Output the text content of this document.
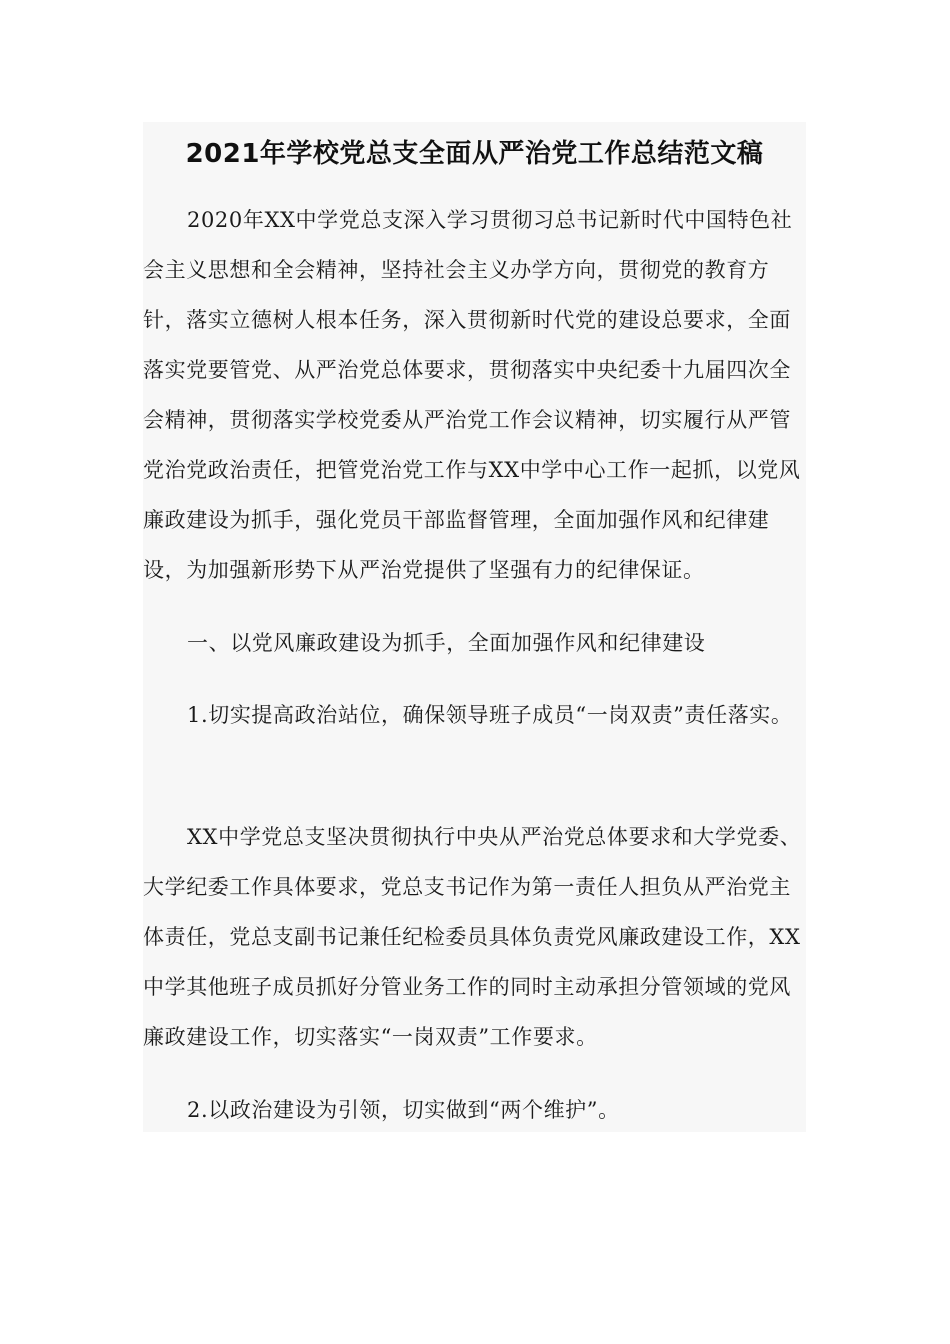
2021年学校党总支全面从严治党工作总结范文稿

2020年XX中学党总支深入学习贯彻习总书记新时代中国特色社会主义思想和全会精神，坚持社会主义办学方向，贯彻党的教育方针，落实立德树人根本任务，深入贯彻新时代党的建设总要求，全面落实党要管党、从严治党总体要求，贯彻落实中央纪委十九届四次全会精神，贯彻落实学校党委从严治党工作会议精神，切实履行从严管党治党政治责任，把管党治党工作与XX中学中心工作一起抓，以党风廉政建设为抓手，强化党员干部监督管理，全面加强作风和纪律建设，为加强新形势下从严治党提供了坚强有力的纪律保证。

一、以党风廉政建设为抓手，全面加强作风和纪律建设

1.切实提高政治站位，确保领导班子成员“一岗双责”责任落实。

XX中学党总支坚决贯彻执行中央从严治党总体要求和大学党委、大学纪委工作具体要求，党总支书记作为第一责任人担负从严治党主体责任，党总支副书记兼任纪检委员具体负责党风廉政建设工作，XX中学其他班子成员抓好分管业务工作的同时主动承担分管领域的党风廉政建设工作，切实落实“一岗双责”工作要求。

2.以政治建设为引领，切实做到“两个维护”。
